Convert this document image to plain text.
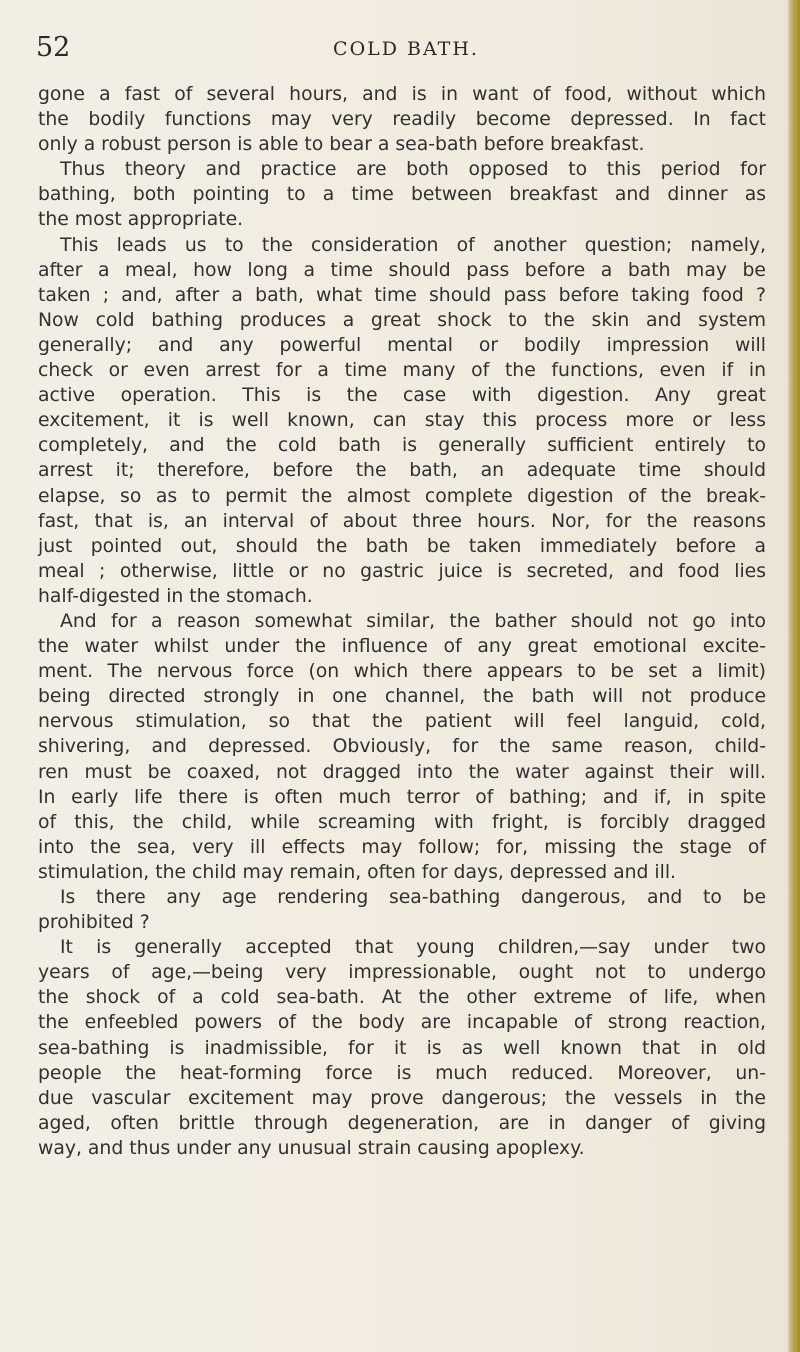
52	COLD BATH.
gone a fast of several hours, and is in want of food, without which
the bodily functions may very readily become depressed. In fact
only a robust person is able to bear a sea-bath before breakfast.
Thus theory and practice are both opposed to this period for
bathing, both pointing to a time between breakfast and dinner as
the most appropriate.
This leads us to the consideration of another question; namely,
after a meal, how long a time should pass before a bath may be
taken ; and, after a bath, what time should pass before taking food ?
Now cold bathing produces a great shock to the skin and system
generally; and any powerful mental or bodily impression will
check or even arrest for a time many of the functions, even if in
active operation. This is the case with digestion. Any great
excitement, it is well known, can stay this process more or less
completely, and the cold bath is generally sufficient entirely to
arrest it; therefore, before the bath, an adequate time should
elapse, so as to permit the almost complete digestion of the break-
fast, that is, an interval of about three hours. Nor, for the reasons
just pointed out, should the bath be taken immediately before a
meal ; otherwise, little or no gastric juice is secreted, and food lies
half-digested in the stomach.
And for a reason somewhat similar, the bather should not go into
the water whilst under the influence of any great emotional excite-
ment. The nervous force (on which there appears to be set a limit)
being directed strongly in one channel, the bath will not produce
nervous stimulation, so that the patient will feel languid, cold,
shivering, and depressed. Obviously, for the same reason, child-
ren must be coaxed, not dragged into the water against their will.
In early life there is often much terror of bathing; and if, in spite
of this, the child, while screaming with fright, is forcibly dragged
into the sea, very ill effects may follow; for, missing the stage of
stimulation, the child may remain, often for days, depressed and ill.
Is there any age rendering sea-bathing dangerous, and to be
prohibited ?
It is generally accepted that young children,—say under two
years of age,—being very impressionable, ought not to undergo
the shock of a cold sea-bath. At the other extreme of life, when
the enfeebled powers of the body are incapable of strong reaction,
sea-bathing is inadmissible, for it is as well known that in old
people the heat-forming force is much reduced. Moreover, un-
due vascular excitement may prove dangerous; the vessels in the
aged, often brittle through degeneration, are in danger of giving
way, and thus under any unusual strain causing apoplexy.
